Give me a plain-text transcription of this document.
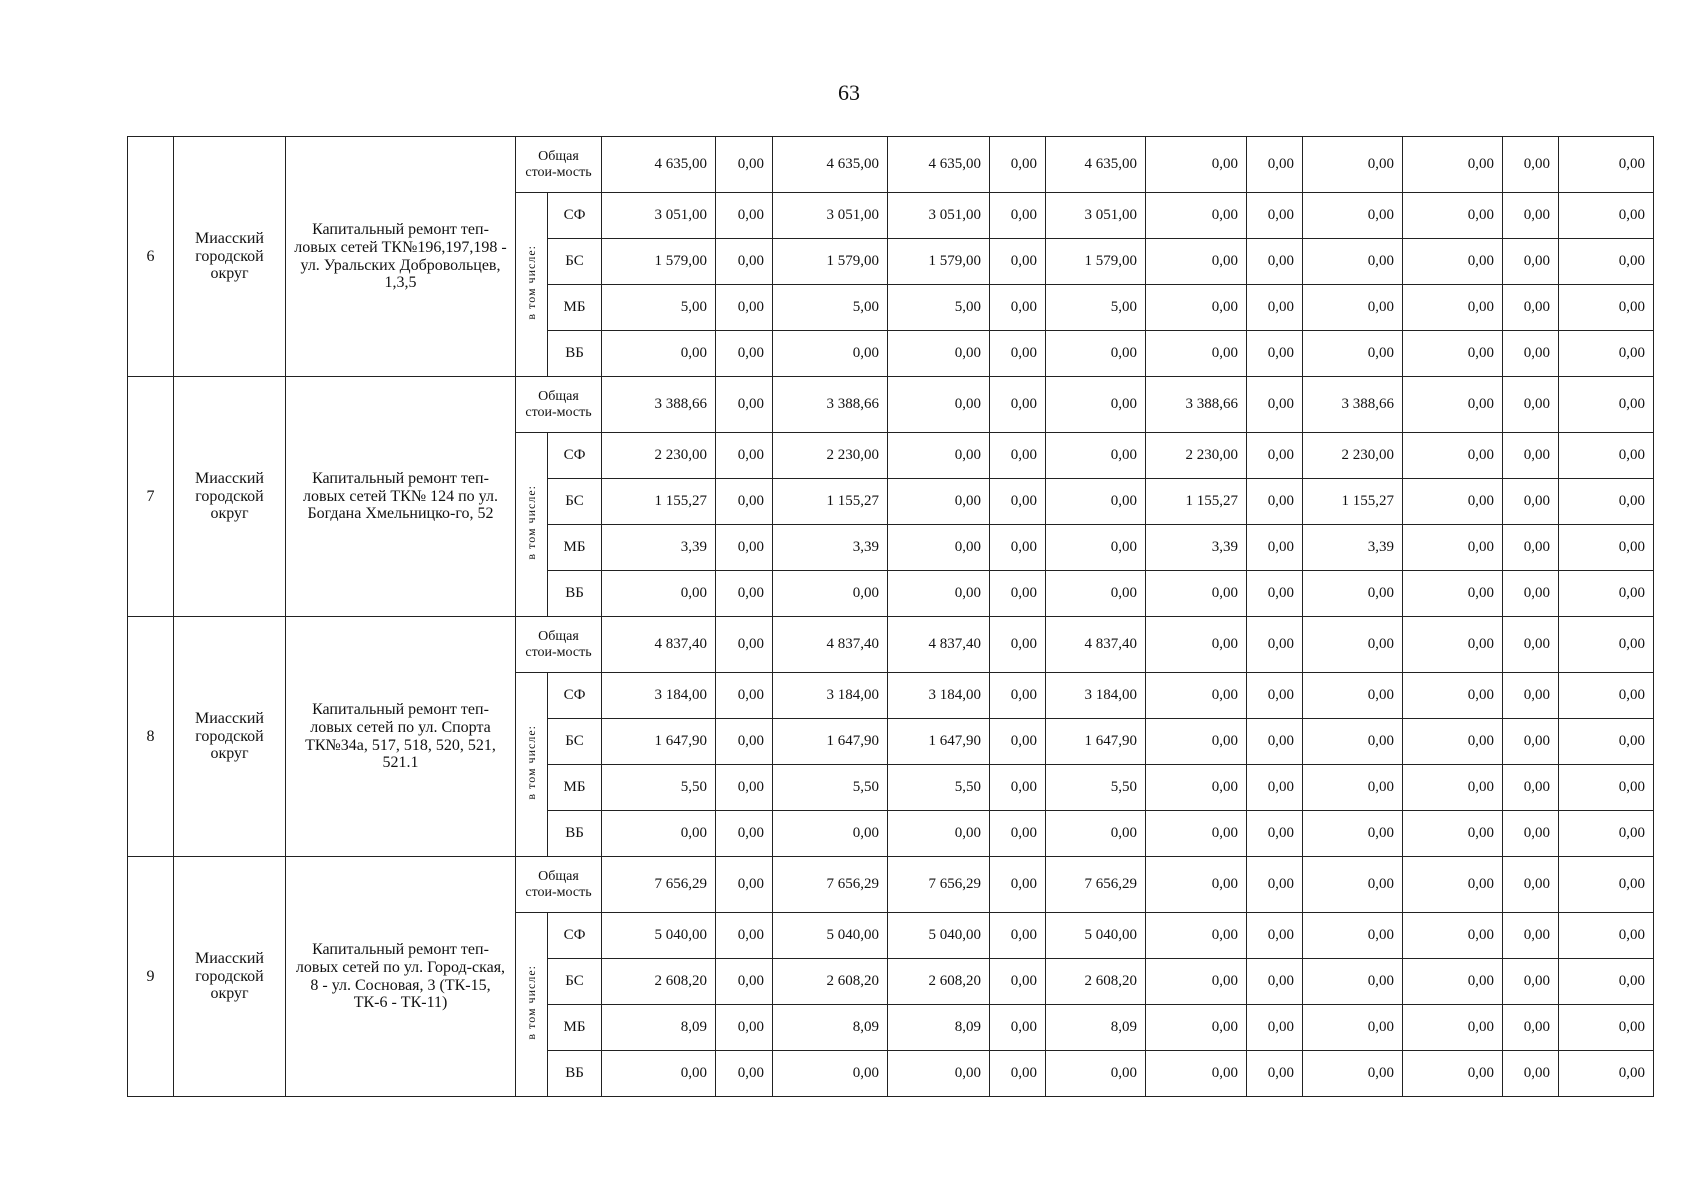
63
6	Миасский городской округ	Капитальный ремонт теп-ловых сетей ТК№196,197,198 - ул. Уральских Добровольцев, 1,3,5	Общая стои-мость		4 635,00	0,00	4 635,00	4 635,00	0,00	4 635,00	0,00	0,00	0,00	0,00	0,00	0,00
			в том числе:	СФ	3 051,00	0,00	3 051,00	3 051,00	0,00	3 051,00	0,00	0,00	0,00	0,00	0,00	0,00
				БС	1 579,00	0,00	1 579,00	1 579,00	0,00	1 579,00	0,00	0,00	0,00	0,00	0,00	0,00
				МБ	5,00	0,00	5,00	5,00	0,00	5,00	0,00	0,00	0,00	0,00	0,00	0,00
				ВБ	0,00	0,00	0,00	0,00	0,00	0,00	0,00	0,00	0,00	0,00	0,00	0,00
7	Миасский городской округ	Капитальный ремонт теп-ловых сетей ТК№ 124 по ул. Богдана Хмельницко-го, 52	Общая стои-мость		3 388,66	0,00	3 388,66	0,00	0,00	0,00	3 388,66	0,00	3 388,66	0,00	0,00	0,00
			в том числе:	СФ	2 230,00	0,00	2 230,00	0,00	0,00	0,00	2 230,00	0,00	2 230,00	0,00	0,00	0,00
				БС	1 155,27	0,00	1 155,27	0,00	0,00	0,00	1 155,27	0,00	1 155,27	0,00	0,00	0,00
				МБ	3,39	0,00	3,39	0,00	0,00	0,00	3,39	0,00	3,39	0,00	0,00	0,00
				ВБ	0,00	0,00	0,00	0,00	0,00	0,00	0,00	0,00	0,00	0,00	0,00	0,00
8	Миасский городской округ	Капитальный ремонт теп-ловых сетей по ул. Спорта ТК№34а, 517, 518, 520, 521, 521.1	Общая стои-мость		4 837,40	0,00	4 837,40	4 837,40	0,00	4 837,40	0,00	0,00	0,00	0,00	0,00	0,00
			в том числе:	СФ	3 184,00	0,00	3 184,00	3 184,00	0,00	3 184,00	0,00	0,00	0,00	0,00	0,00	0,00
				БС	1 647,90	0,00	1 647,90	1 647,90	0,00	1 647,90	0,00	0,00	0,00	0,00	0,00	0,00
				МБ	5,50	0,00	5,50	5,50	0,00	5,50	0,00	0,00	0,00	0,00	0,00	0,00
				ВБ	0,00	0,00	0,00	0,00	0,00	0,00	0,00	0,00	0,00	0,00	0,00	0,00
9	Миасский городской округ	Капитальный ремонт теп-ловых сетей по ул. Город-ская, 8 - ул. Сосновая, 3 (ТК-15, ТК-6 - ТК-11)	Общая стои-мость		7 656,29	0,00	7 656,29	7 656,29	0,00	7 656,29	0,00	0,00	0,00	0,00	0,00	0,00
			в том числе:	СФ	5 040,00	0,00	5 040,00	5 040,00	0,00	5 040,00	0,00	0,00	0,00	0,00	0,00	0,00
				БС	2 608,20	0,00	2 608,20	2 608,20	0,00	2 608,20	0,00	0,00	0,00	0,00	0,00	0,00
				МБ	8,09	0,00	8,09	8,09	0,00	8,09	0,00	0,00	0,00	0,00	0,00	0,00
				ВБ	0,00	0,00	0,00	0,00	0,00	0,00	0,00	0,00	0,00	0,00	0,00	0,00
